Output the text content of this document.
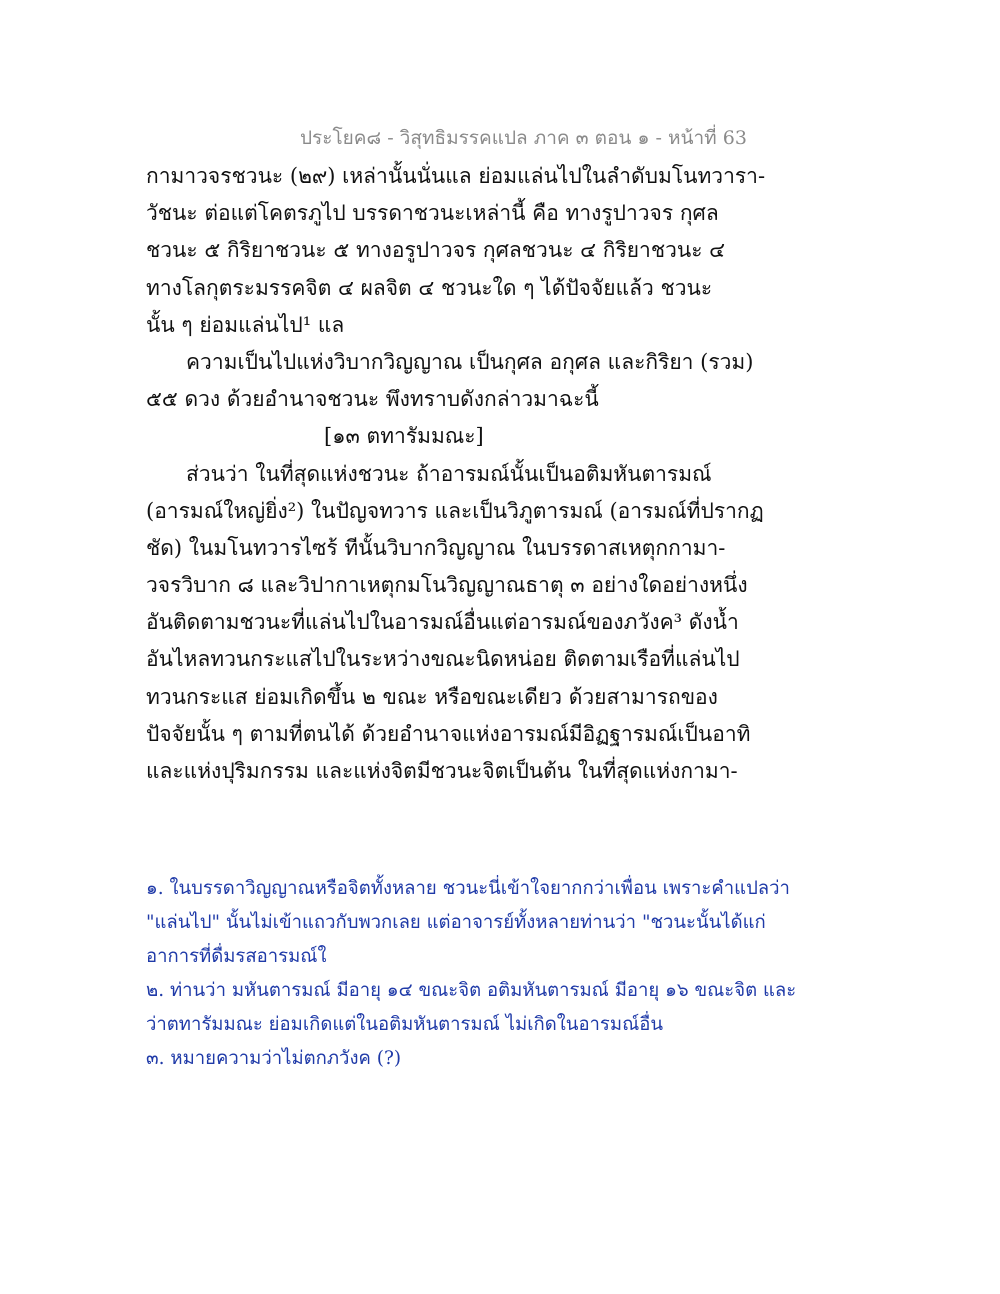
ประโยค๘ - วิสุทธิมรรคแปล ภาค ๓ ตอน ๑ - หน้าที่ 63
กามาวจรชวนะ (๒๙) เหล่านั้นนั่นแล ย่อมแล่นไปในลำดับมโนทวารา-
วัชนะ ต่อแต่โคตรภูไป บรรดาชวนะเหล่านี้ คือ ทางรูปาวจร กุศล
ชวนะ ๕ กิริยาชวนะ ๕ ทางอรูปาวจร กุศลชวนะ ๔ กิริยาชวนะ ๔
ทางโลกุตระมรรคจิต ๔ ผลจิต ๔ ชวนะใด ๆ ได้ปัจจัยแล้ว ชวนะ
นั้น ๆ ย่อมแล่นไป¹ แล
ความเป็นไปแห่งวิบากวิญญาณ เป็นกุศล อกุศล และกิริยา (รวม)
๕๕ ดวง ด้วยอำนาจชวนะ พึงทราบดังกล่าวมาฉะนี้
[๑๓ ตทารัมมณะ]
ส่วนว่า ในที่สุดแห่งชวนะ ถ้าอารมณ์นั้นเป็นอติมหันตารมณ์
(อารมณ์ใหญ่ยิ่ง²) ในปัญจทวาร และเป็นวิภูตารมณ์ (อารมณ์ที่ปรากฏ
ชัด) ในมโนทวารไซร้ ทีนั้นวิบากวิญญาณ ในบรรดาสเหตุกกามา-
วจรวิบาก ๘ และวิปากาเหตุกมโนวิญญาณธาตุ ๓ อย่างใดอย่างหนึ่ง
อันติดตามชวนะที่แล่นไปในอารมณ์อื่นแต่อารมณ์ของภวังค³ ดังน้ำ
อันไหลทวนกระแสไปในระหว่างขณะนิดหน่อย ติดตามเรือที่แล่นไป
ทวนกระแส ย่อมเกิดขึ้น ๒ ขณะ หรือขณะเดียว ด้วยสามารถของ
ปัจจัยนั้น ๆ ตามที่ตนได้ ด้วยอำนาจแห่งอารมณ์มีอิฏฐารมณ์เป็นอาทิ
และแห่งปุริมกรรม และแห่งจิตมีชวนะจิตเป็นต้น ในที่สุดแห่งกามา-
๑. ในบรรดาวิญญาณหรือจิตทั้งหลาย ชวนะนี่เข้าใจยากกว่าเพื่อน เพราะคำแปลว่า
"แล่นไป" นั้นไม่เข้าแถวกับพวกเลย แต่อาจารย์ทั้งหลายท่านว่า "ชวนะนั้นได้แก่
อาการที่ดื่มรสอารมณ์ใ
๒. ท่านว่า มหันตารมณ์ มีอายุ ๑๔ ขณะจิต อติมหันตารมณ์ มีอายุ ๑๖ ขณะจิต และ
ว่าตทารัมมณะ ย่อมเกิดแต่ในอติมหันตารมณ์ ไม่เกิดในอารมณ์อื่น
๓. หมายความว่าไม่ตกภวังค (?)
